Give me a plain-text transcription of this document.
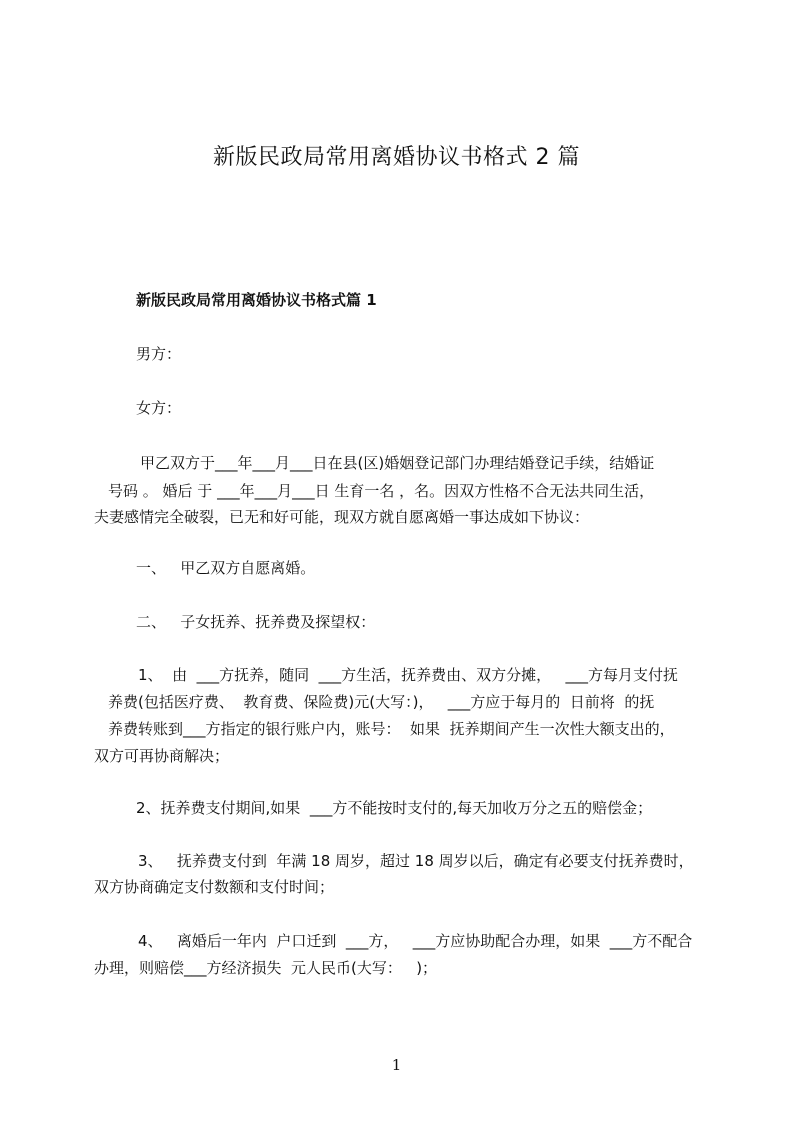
新版民政局常用离婚协议书格式 2 篇
新版民政局常用离婚协议书格式篇 1
男方：
女方：
甲乙双方于___年___月___日在县(区)婚姻登记部门办理结婚登记手续，结婚证
号码 。 婚后 于 ___年___月___日 生育一名 ，名。因双方性格不合无法共同生活，
夫妻感情完全破裂，已无和好可能，现双方就自愿离婚一事达成如下协议：
一、   甲乙双方自愿离婚。
二、   子女抚养、抚养费及探望权：
1、  由  ___方抚养，随同  ___方生活，抚养费由、双方分摊，   ___方每月支付抚
养费(包括医疗费、  教育费、保险费)元(大写：)，   ___方应于每月的  日前将  的抚
养费转账到___方指定的银行账户内，账号：  如果  抚养期间产生一次性大额支出的，
双方可再协商解决；
2、抚养费支付期间,如果  ___方不能按时支付的,每天加收万分之五的赔偿金；
3、   抚养费支付到  年满 18 周岁，超过 18 周岁以后，确定有必要支付抚养费时，
双方协商确定支付数额和支付时间；
4、   离婚后一年内  户口迁到  ___方，   ___方应协助配合办理，如果  ___方不配合
办理，则赔偿___方经济损失  元人民币(大写：   )；
1
